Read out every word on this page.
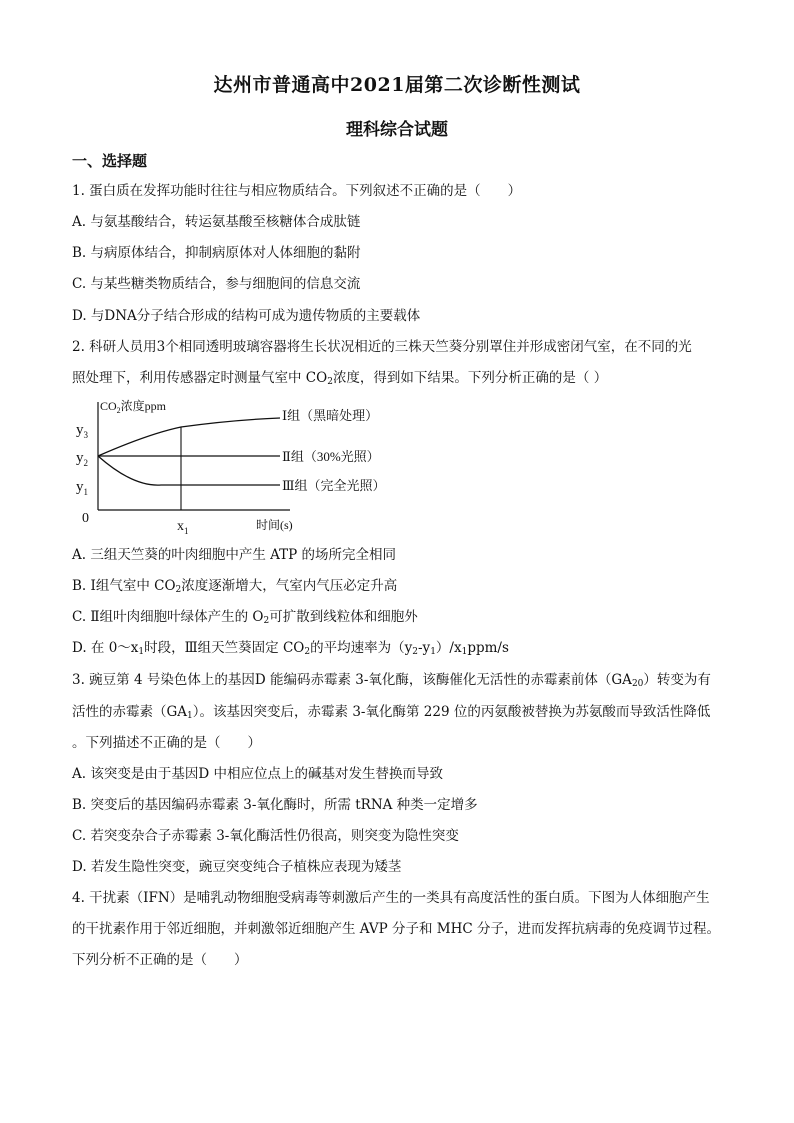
达州市普通高中2021届第二次诊断性测试
理科综合试题
一、选择题
1. 蛋白质在发挥功能时往往与相应物质结合。下列叙述不正确的是（　　）
A. 与氨基酸结合，转运氨基酸至核糖体合成肽链
B. 与病原体结合，抑制病原体对人体细胞的黏附
C. 与某些糖类物质结合，参与细胞间的信息交流
D. 与DNA分子结合形成的结构可成为遗传物质的主要载体
2. 科研人员用3个相同透明玻璃容器将生长状况相近的三株天竺葵分别罩住并形成密闭气室，在不同的光
照处理下，利用传感器定时测量气室中 $CO_2$浓度，得到如下结果。下列分析正确的是（ ）
$CO_2$浓度ppm
$y_3$
$y_2$
$y_1$
0
$x_1$	时间(s)
Ⅰ组（黑暗处理）
Ⅱ组（30%光照）
Ⅲ组（完全光照）
A. 三组天竺葵的叶肉细胞中产生 ATP 的场所完全相同
B. Ⅰ组气室中 $CO_2$浓度逐渐增大，气室内气压必定升高
C. Ⅱ组叶肉细胞叶绿体产生的 $O_2$可扩散到线粒体和细胞外
D. 在 $0\sim x_1$时段，Ⅲ组天竺葵固定 $CO_2$的平均速率为$(y_2-y_1)/x_1ppm/s$
3. 豌豆第 4 号染色体上的基因D 能编码赤霉素 3-氧化酶，该酶催化无活性的赤霉素前体$(GA_{20})$转变为有
活性的赤霉素$(GA_1)$。该基因突变后，赤霉素 3-氧化酶第 229 位的丙氨酸被替换为苏氨酸而导致活性降低
。下列描述不正确的是（　　）
A. 该突变是由于基因D 中相应位点上的碱基对发生替换而导致
B. 突变后的基因编码赤霉素 3-氧化酶时，所需 tRNA 种类一定增多
C. 若突变杂合子赤霉素 3-氧化酶活性仍很高，则突变为隐性突变
D. 若发生隐性突变，豌豆突变纯合子植株应表现为矮茎
4. 干扰素（IFN）是哺乳动物细胞受病毒等刺激后产生的一类具有高度活性的蛋白质。下图为人体细胞产生
的干扰素作用于邻近细胞，并刺激邻近细胞产生 AVP 分子和 MHC 分子，进而发挥抗病毒的免疫调节过程。
下列分析不正确的是（　　）
